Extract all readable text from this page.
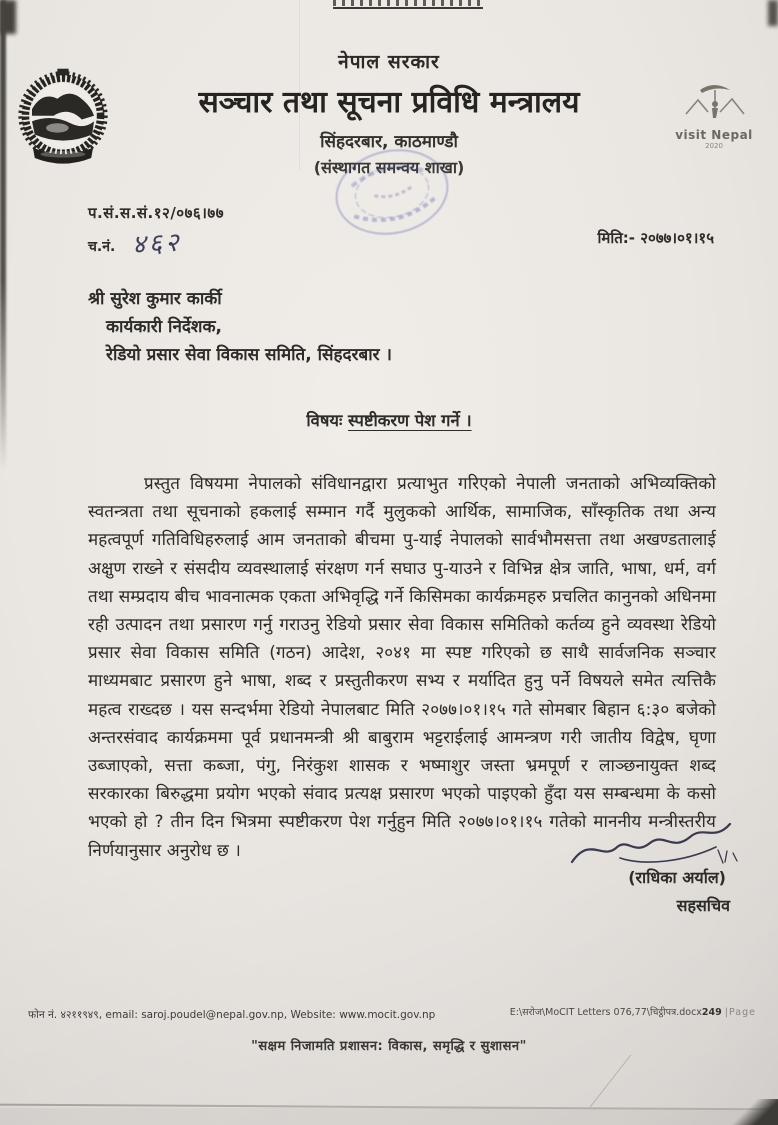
नेपाल सरकार
सञ्चार तथा सूचना प्रविधि मन्त्रालय
सिंहदरबार, काठमाण्डौ
(संस्थागत समन्वय शाखा)
visit Nepal
2020
प.सं.स.सं.१२/०७६।७७
च.नं. ४६२	मिति:- २०७७।०१।१५
श्री सुरेश कुमार कार्की
कार्यकारी निर्देशक,
रेडियो प्रसार सेवा विकास समिति, सिंहदरबार ।
विषयः स्पष्टीकरण पेश गर्ने ।
प्रस्तुत विषयमा नेपालको संविधानद्वारा प्रत्याभुत गरिएको नेपाली जनताको अभिव्यक्तिको स्वतन्त्रता तथा सूचनाको हकलाई सम्मान गर्दै मुलुकको आर्थिक, सामाजिक, साँस्कृतिक तथा अन्य महत्वपूर्ण गतिविधिहरुलाई आम जनताको बीचमा पु-याई नेपालको सार्वभौमसत्ता तथा अखण्डतालाई अक्षुण राख्ने र संसदीय व्यवस्थालाई संरक्षण गर्न सघाउ पु-याउने र विभिन्न क्षेत्र जाति, भाषा, धर्म, वर्ग तथा सम्प्रदाय बीच भावनात्मक एकता अभिवृद्धि गर्ने किसिमका कार्यक्रमहरु प्रचलित कानुनको अधिनमा रही उत्पादन तथा प्रसारण गर्नु गराउनु रेडियो प्रसार सेवा विकास समितिको कर्तव्य हुने व्यवस्था रेडियो प्रसार सेवा विकास समिति (गठन) आदेश, २०४१ मा स्पष्ट गरिएको छ साथै सार्वजनिक सञ्चार माध्यमबाट प्रसारण हुने भाषा, शब्द र प्रस्तुतीकरण सभ्य र मर्यादित हुनु पर्ने विषयले समेत त्यत्तिकै महत्व राख्दछ । यस सन्दर्भमा रेडियो नेपालबाट मिति २०७७।०१।१५ गते सोमबार बिहान ६:३० बजेको अन्तरसंवाद कार्यक्रममा पूर्व प्रधानमन्त्री श्री बाबुराम भट्टराईलाई आमन्त्रण गरी जातीय विद्वेष, घृणा उब्जाएको, सत्ता कब्जा, पंगु, निरंकुश शासक र भष्माशुर जस्ता भ्रमपूर्ण र लाञ्छनायुक्त शब्द सरकारका बिरुद्धमा प्रयोग भएको संवाद प्रत्यक्ष प्रसारण भएको पाइएको हुँदा यस सम्बन्धमा के कसो भएको हो ? तीन दिन भित्रमा स्पष्टीकरण पेश गर्नुहुन मिति २०७७।०१।१५ गतेको माननीय मन्त्रीस्तरीय निर्णयानुसार अनुरोध छ ।
(राधिका अर्याल)
सहसचिव
फोन नं. ४२११९४९, email: saroj.poudel@nepal.gov.np, Website: www.mocit.gov.np	E:\सरोज\MoCIT Letters 076,77\चिट्ठीपत्र.docx249 |Page
"सक्षम निजामति प्रशासन: विकास, समृद्धि र सुशासन"
